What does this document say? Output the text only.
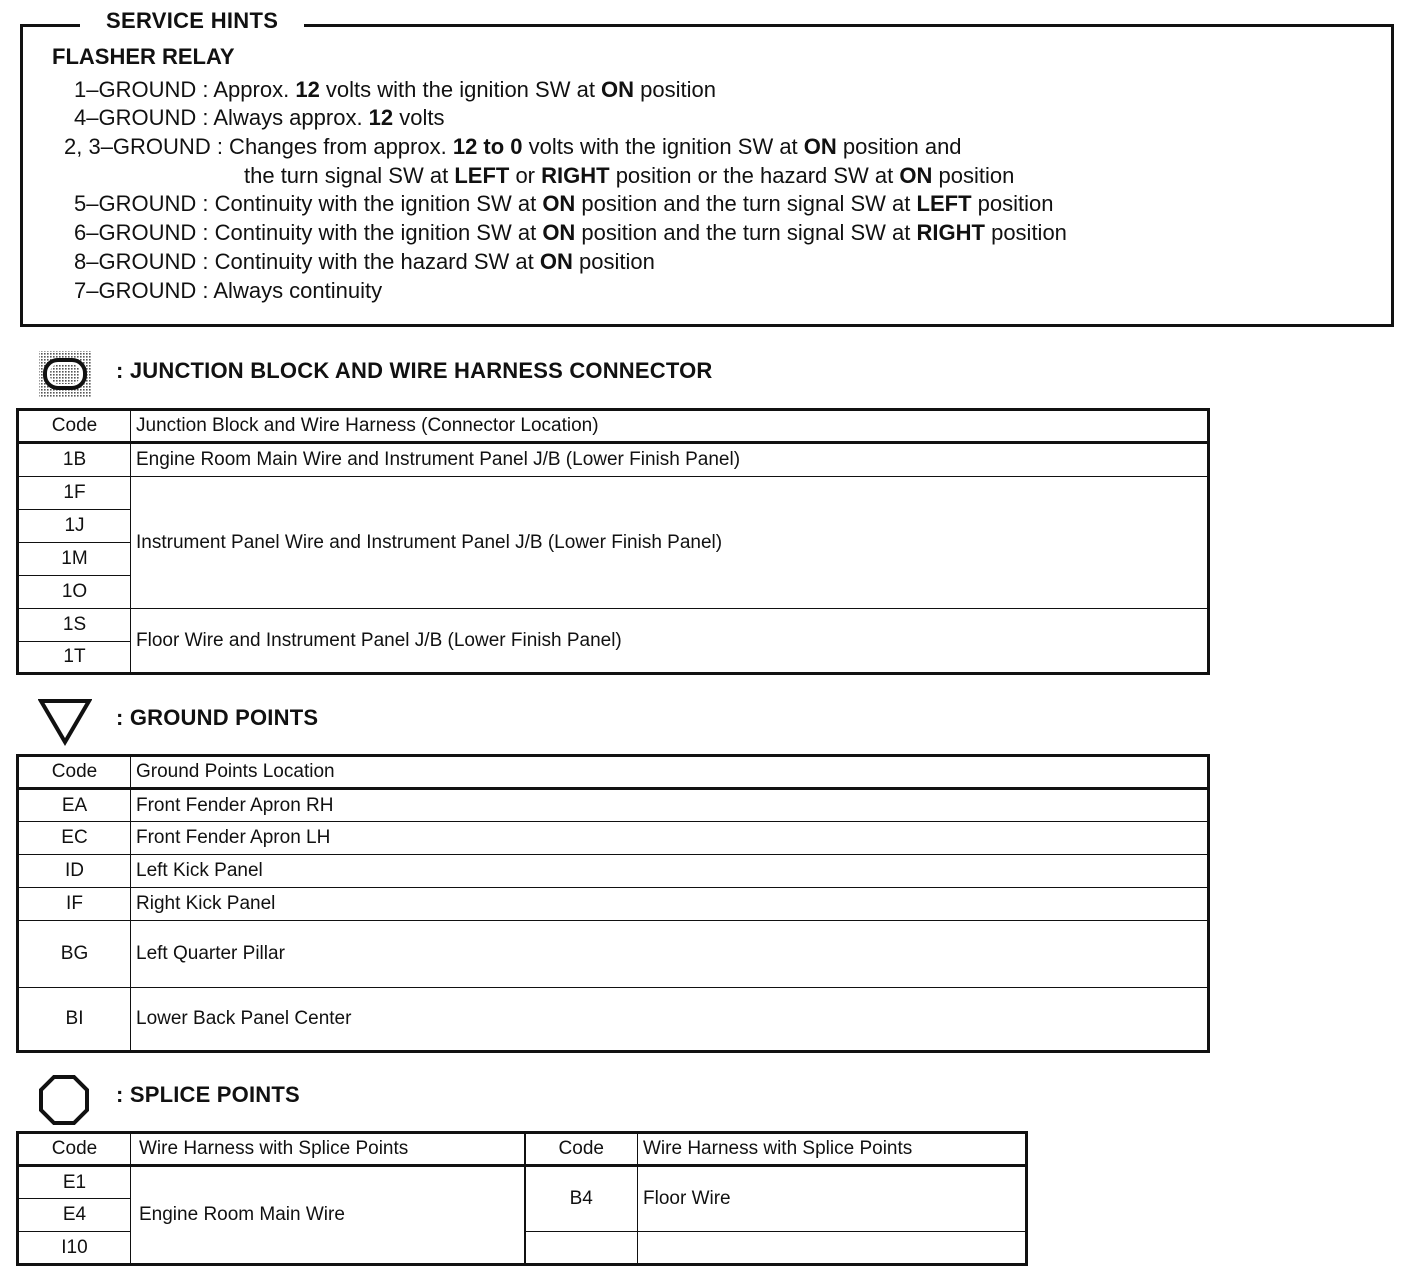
SERVICE HINTS
FLASHER RELAY
1–GROUND : Approx. 12 volts with the ignition SW at ON position
4–GROUND : Always approx. 12 volts
2, 3–GROUND : Changes from approx. 12 to 0 volts with the ignition SW at ON position and
the turn signal SW at LEFT or RIGHT position or the hazard SW at ON position
5–GROUND : Continuity with the ignition SW at ON position and the turn signal SW at LEFT position
6–GROUND : Continuity with the ignition SW at ON position and the turn signal SW at RIGHT position
8–GROUND : Continuity with the hazard SW at ON position
7–GROUND : Always continuity
: JUNCTION BLOCK AND WIRE HARNESS CONNECTOR
Code	Junction Block and Wire Harness (Connector Location)
1B	Engine Room Main Wire and Instrument Panel J/B (Lower Finish Panel)
1F	Instrument Panel Wire and Instrument Panel J/B (Lower Finish Panel)
1J	
1M	
1O	
1S	Floor Wire and Instrument Panel J/B (Lower Finish Panel)
1T	
: GROUND POINTS
Code	Ground Points Location
EA	Front Fender Apron RH
EC	Front Fender Apron LH
ID	Left Kick Panel
IF	Right Kick Panel
BG	Left Quarter Pillar
BI	Lower Back Panel Center
: SPLICE POINTS
Code	Wire Harness with Splice Points	Code	Wire Harness with Splice Points
E1	Engine Room Main Wire	B4	Floor Wire
E4			
I10			
